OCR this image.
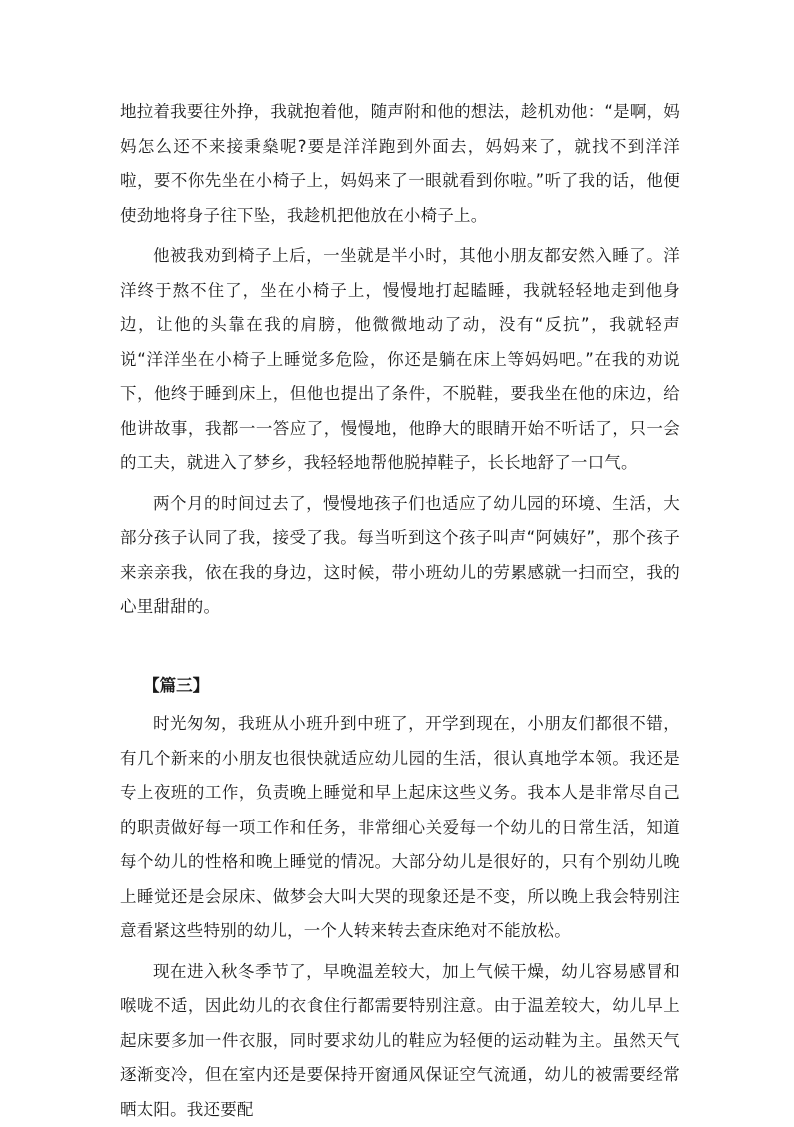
地拉着我要往外挣，我就抱着他，随声附和他的想法，趁机劝他：“是啊，妈妈怎么还不来接秉燊呢?要是洋洋跑到外面去，妈妈来了，就找不到洋洋啦，要不你先坐在小椅子上，妈妈来了一眼就看到你啦。”听了我的话，他便使劲地将身子往下坠，我趁机把他放在小椅子上。

他被我劝到椅子上后，一坐就是半小时，其他小朋友都安然入睡了。洋洋终于熬不住了，坐在小椅子上，慢慢地打起瞌睡，我就轻轻地走到他身边，让他的头靠在我的肩膀，他微微地动了动，没有“反抗”，我就轻声说“洋洋坐在小椅子上睡觉多危险，你还是躺在床上等妈妈吧。”在我的劝说下，他终于睡到床上，但他也提出了条件，不脱鞋，要我坐在他的床边，给他讲故事，我都一一答应了，慢慢地，他睁大的眼睛开始不听话了，只一会的工夫，就进入了梦乡，我轻轻地帮他脱掉鞋子，长长地舒了一口气。

两个月的时间过去了，慢慢地孩子们也适应了幼儿园的环境、生活，大部分孩子认同了我，接受了我。每当听到这个孩子叫声“阿姨好”，那个孩子来亲亲我，依在我的身边，这时候，带小班幼儿的劳累感就一扫而空，我的心里甜甜的。

【篇三】

时光匆匆，我班从小班升到中班了，开学到现在，小朋友们都很不错，有几个新来的小朋友也很快就适应幼儿园的生活，很认真地学本领。我还是专上夜班的工作，负责晚上睡觉和早上起床这些义务。我本人是非常尽自己的职责做好每一项工作和任务，非常细心关爱每一个幼儿的日常生活，知道每个幼儿的性格和晚上睡觉的情况。大部分幼儿是很好的，只有个别幼儿晚上睡觉还是会尿床、做梦会大叫大哭的现象还是不变，所以晚上我会特别注意看紧这些特别的幼儿，一个人转来转去查床绝对不能放松。

现在进入秋冬季节了，早晚温差较大，加上气候干燥，幼儿容易感冒和喉咙不适，因此幼儿的衣食住行都需要特别注意。由于温差较大，幼儿早上起床要多加一件衣服，同时要求幼儿的鞋应为轻便的运动鞋为主。虽然天气逐渐变冷，但在室内还是要保持开窗通风保证空气流通，幼儿的被需要经常晒太阳。我还要配
